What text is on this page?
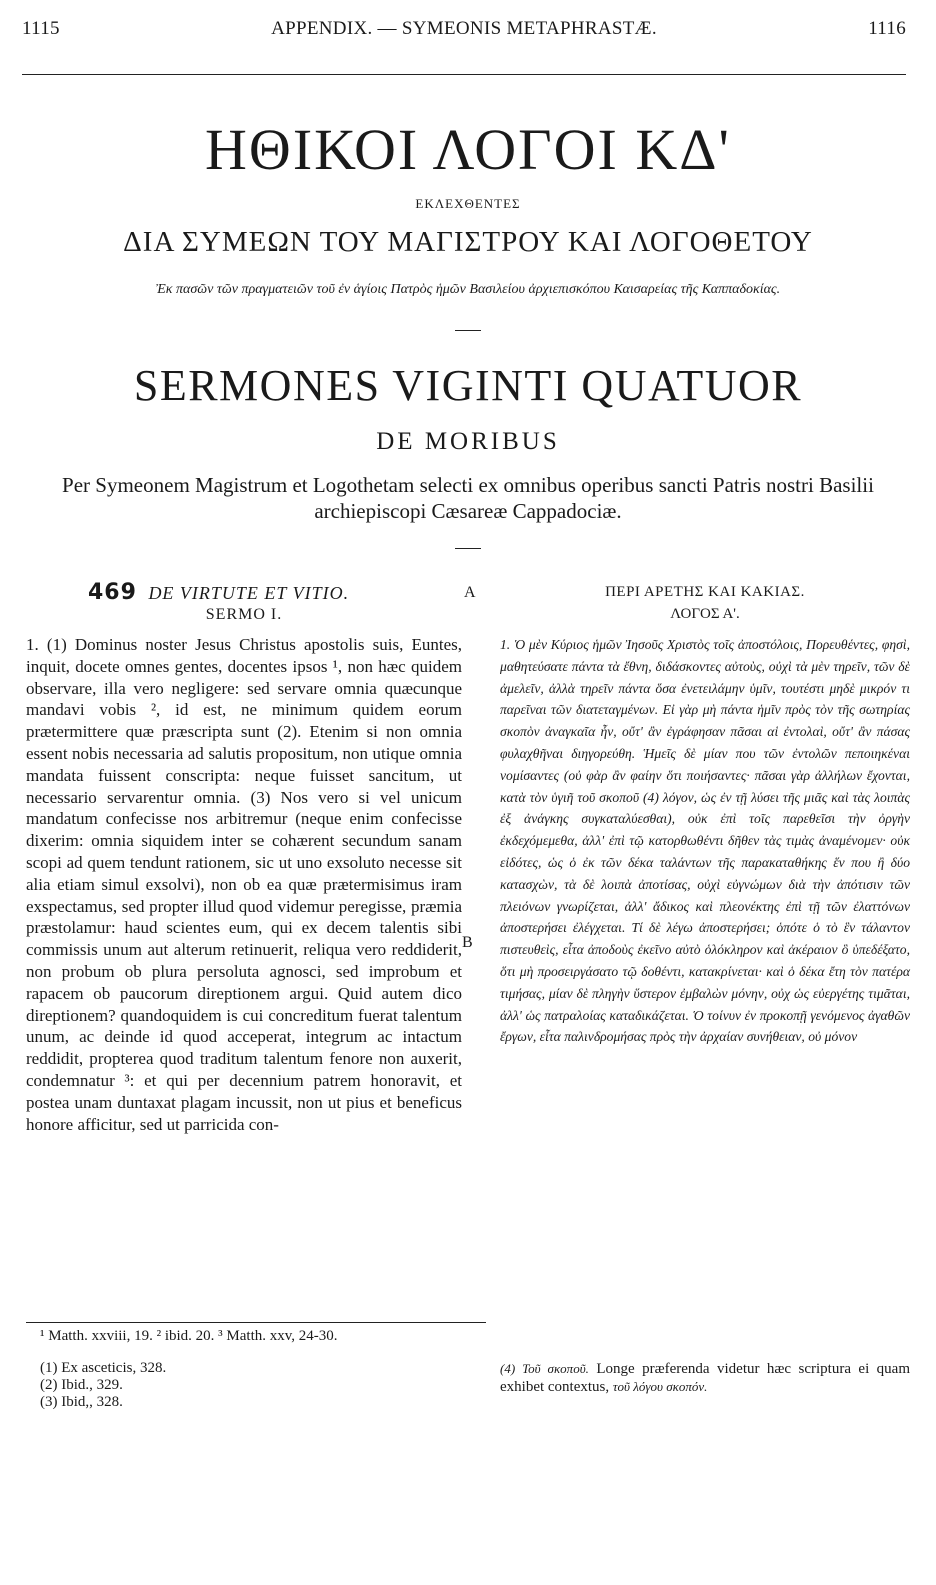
1115	APPENDIX. — SYMEONIS METAPHRASTÆ.	1116
ΗΘΙΚΟΙ ΛΟΓΟΙ ΚΔ'
ΕΚΛΕΧΘΕΝΤΕΣ
ΔΙΑ ΣΥΜΕΩΝ ΤΟΥ ΜΑΓΙΣΤΡΟΥ ΚΑΙ ΛΟΓΟΘΕΤΟΥ
Ἐκ πασῶν τῶν πραγματειῶν τοῦ ἐν ἁγίοις Πατρὸς ἡμῶν Βασιλείου ἀρχιεπισκόπου Καισαρείας τῆς Καππαδοκίας.
SERMONES VIGINTI QUATUOR
DE MORIBUS
Per Symeonem Magistrum et Logothetam selecti ex omnibus operibus sancti Patris nostri Basilii archiepiscopi Cæsareæ Cappadociæ.
A
B
469 DE VIRTUTE ET VITIO.
SERMO I.
1. (1) Dominus noster Jesus Christus apostolis suis, Euntes, inquit, docete omnes gentes, docentes ipsos ¹, non hæc quidem observare, illa vero negligere: sed servare omnia quæcunque mandavi vobis ², id est, ne minimum quidem eorum prætermittere quæ præscripta sunt (2). Etenim si non omnia essent nobis necessaria ad salutis propositum, non utique omnia mandata fuissent conscripta: neque fuisset sancitum, ut necessario servarentur omnia. (3) Nos vero si vel unicum mandatum confecisse nos arbitremur (neque enim confecisse dixerim: omnia siquidem inter se cohærent secundum sanam scopi ad quem tendunt rationem, sic ut uno exsoluto necesse sit alia etiam simul exsolvi), non ob ea quæ prætermisimus iram exspectamus, sed propter illud quod videmur peregisse, præmia præstolamur: haud scientes eum, qui ex decem talentis sibi commissis unum aut alterum retinuerit, reliqua vero reddiderit, non probum ob plura persoluta agnosci, sed improbum et rapacem ob paucorum direptionem argui. Quid autem dico direptionem? quandoquidem is cui concreditum fuerat talentum unum, ac deinde id quod acceperat, integrum ac intactum reddidit, propterea quod traditum talentum fenore non auxerit, condemnatur ³: et qui per decennium patrem honoravit, et postea unam duntaxat plagam incussit, non ut pius et beneficus honore afficitur, sed ut parricida con-
ΠΕΡΙ ΑΡΕΤΗΣ ΚΑΙ ΚΑΚΙΑΣ.
ΛΟΓΟΣ Α'.
1. Ὁ μὲν Κύριος ἡμῶν Ἰησοῦς Χριστὸς τοῖς ἀποστόλοις, Πορευθέντες, φησὶ, μαθητεύσατε πάντα τὰ ἔθνη, διδάσκοντες αὐτοὺς, οὐχὶ τὰ μὲν τηρεῖν, τῶν δὲ ἀμελεῖν, ἀλλὰ τηρεῖν πάντα ὅσα ἐνετειλάμην ὑμῖν, τουτέστι μηδὲ μικρόν τι παρεῖναι τῶν διατεταγμένων. Εἰ γὰρ μὴ πάντα ἡμῖν πρὸς τὸν τῆς σωτηρίας σκοπὸν ἀναγκαῖα ἦν, οὔτ' ἂν ἐγράφησαν πᾶσαι αἱ ἐντολαὶ, οὔτ' ἂν πάσας φυλαχθῆναι διηγορεύθη. Ἡμεῖς δὲ μίαν που τῶν ἐντολῶν πεποιηκέναι νομίσαντες (οὐ φὰρ ἂν φαίην ὅτι ποιήσαντες· πᾶσαι γὰρ ἀλλήλων ἔχονται, κατὰ τὸν ὑγιῆ τοῦ σκοποῦ (4) λόγον, ὡς ἐν τῇ λύσει τῆς μιᾶς καὶ τὰς λοιπὰς ἐξ ἀνάγκης συγκαταλύεσθαι), οὐκ ἐπὶ τοῖς παρεθεῖσι τὴν ὀργὴν ἐκδεχόμεμεθα, ἀλλ' ἐπὶ τῷ κατορθωθέντι δῆθεν τὰς τιμὰς ἀναμένομεν· οὐκ εἰδότες, ὡς ὁ ἐκ τῶν δέκα ταλάντων τῆς παρακαταθήκης ἕν που ἢ δύο κατασχὼν, τὰ δὲ λοιπὰ ἀποτίσας, οὐχὶ εὐγνώμων διὰ τὴν ἀπότισιν τῶν πλειόνων γνωρίζεται, ἀλλ' ἄδικος καὶ πλεονέκτης ἐπὶ τῇ τῶν ἐλαττόνων ἀποστερήσει ἐλέγχεται. Τί δὲ λέγω ἀποστερήσει; ὁπότε ὁ τὸ ἓν τάλαντον πιστευθεὶς, εἶτα ἀποδοὺς ἐκεῖνο αὐτὸ ὁλόκληρον καὶ ἀκέραιον ὃ ὑπεδέξατο, ὅτι μὴ προσειργάσατο τῷ δοθέντι, κατακρίνεται· καὶ ὁ δέκα ἔτη τὸν πατέρα τιμήσας, μίαν δὲ πληγὴν ὕστερον ἐμβαλὼν μόνην, οὐχ ὡς εὐεργέτης τιμᾶται, ἀλλ' ὡς πατραλοίας καταδικάζεται. Ὁ τοίνυν ἐν προκοπῇ γενόμενος ἀγαθῶν ἔργων, εἶτα παλινδρομήσας πρὸς τὴν ἀρχαίαν συνήθειαν, οὐ μόνον
¹ Matth. xxviii, 19. ² ibid. 20. ³ Matth. xxv, 24-30.
(1) Ex asceticis, 328.
(2) Ibid., 329.
(3) Ibid,, 328.
(4) Τοῦ σκοποῦ. Longe præferenda videtur hæc scriptura ei quam exhibet contextus, τοῦ λόγου σκοπόν.
